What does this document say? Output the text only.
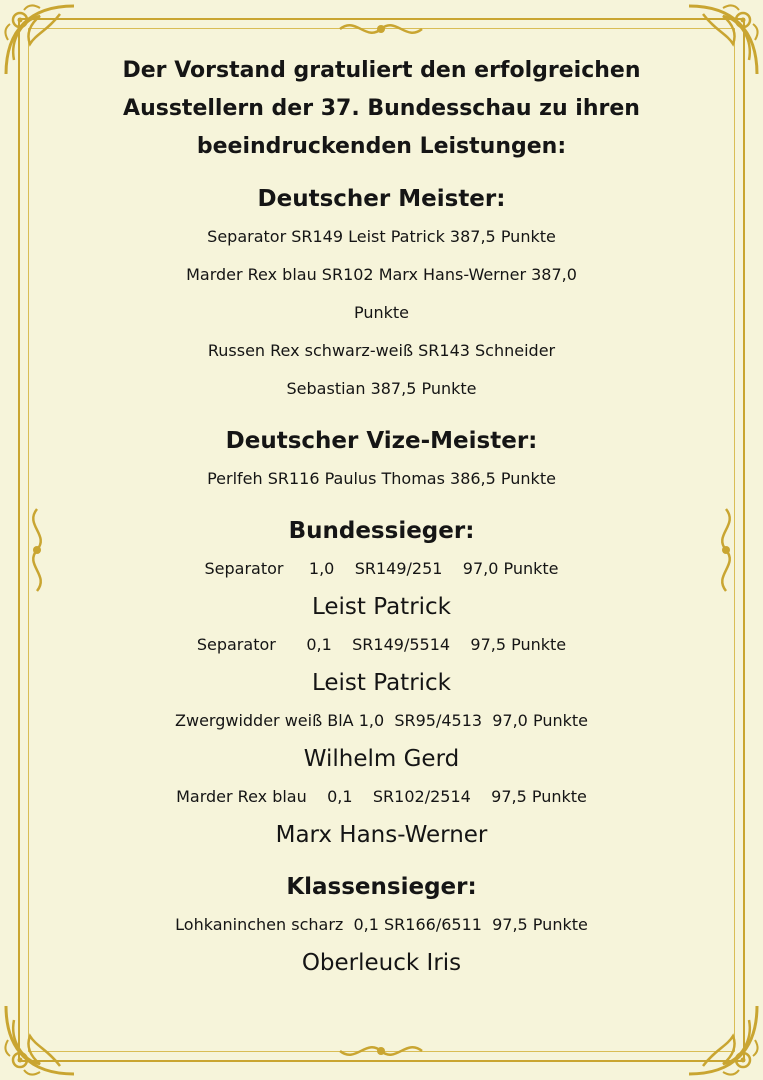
Der Vorstand gratuliert den erfolgreichen Ausstellern der 37. Bundesschau zu ihren beeindruckenden Leistungen:

Deutscher Meister:

Separator SR149 Leist Patrick 387,5 Punkte

Marder Rex blau SR102 Marx Hans-Werner 387,0

Punkte

Russen Rex schwarz-weiß SR143 Schneider

Sebastian 387,5 Punkte

Deutscher Vize-Meister:

Perlfeh SR116 Paulus Thomas 386,5 Punkte

Bundessieger:

Separator     1,0    SR149/251    97,0 Punkte
Leist Patrick
Separator      0,1    SR149/5514    97,5 Punkte
Leist Patrick
Zwergwidder weiß BlA 1,0  SR95/4513  97,0 Punkte
Wilhelm Gerd
Marder Rex blau    0,1    SR102/2514    97,5 Punkte
Marx Hans-Werner

Klassensieger:

Lohkaninchen scharz  0,1 SR166/6511  97,5 Punkte
Oberleuck Iris
